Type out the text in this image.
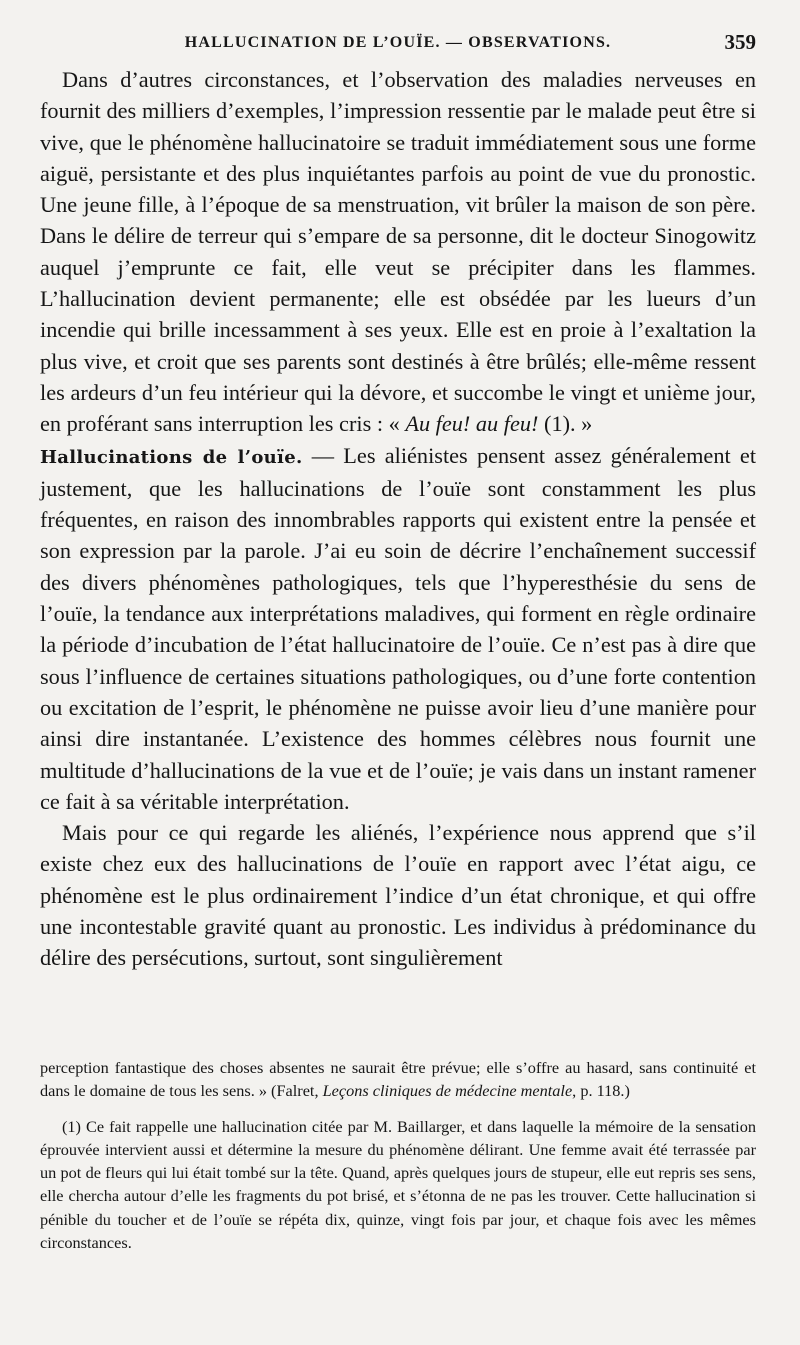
HALLUCINATION DE L’OUÏE. — OBSERVATIONS.	359

Dans d’autres circonstances, et l’observation des maladies nerveuses en fournit des milliers d’exemples, l’impression ressentie par le malade peut être si vive, que le phénomène hallucinatoire se traduit immédiatement sous une forme aiguë, persistante et des plus inquiétantes parfois au point de vue du pronostic. Une jeune fille, à l’époque de sa menstruation, vit brûler la maison de son père. Dans le délire de terreur qui s’empare de sa personne, dit le docteur Sinogowitz auquel j’emprunte ce fait, elle veut se précipiter dans les flammes. L’hallucination devient permanente; elle est obsédée par les lueurs d’un incendie qui brille incessamment à ses yeux. Elle est en proie à l’exaltation la plus vive, et croit que ses parents sont destinés à être brûlés; elle-même ressent les ardeurs d’un feu intérieur qui la dévore, et succombe le vingt et unième jour, en proférant sans interruption les cris : « Au feu! au feu! (1). »

Hallucinations de l’ouïe. — Les aliénistes pensent assez généralement et justement, que les hallucinations de l’ouïe sont constamment les plus fréquentes, en raison des innombrables rapports qui existent entre la pensée et son expression par la parole. J’ai eu soin de décrire l’enchaînement successif des divers phénomènes pathologiques, tels que l’hyperesthésie du sens de l’ouïe, la tendance aux interprétations maladives, qui forment en règle ordinaire la période d’incubation de l’état hallucinatoire de l’ouïe. Ce n’est pas à dire que sous l’influence de certaines situations pathologiques, ou d’une forte contention ou excitation de l’esprit, le phénomène ne puisse avoir lieu d’une manière pour ainsi dire instantanée. L’existence des hommes célèbres nous fournit une multitude d’hallucinations de la vue et de l’ouïe; je vais dans un instant ramener ce fait à sa véritable interprétation.

Mais pour ce qui regarde les aliénés, l’expérience nous apprend que s’il existe chez eux des hallucinations de l’ouïe en rapport avec l’état aigu, ce phénomène est le plus ordinairement l’indice d’un état chronique, et qui offre une incontestable gravité quant au pronostic. Les individus à prédominance du délire des persécutions, surtout, sont singulièrement

perception fantastique des choses absentes ne saurait être prévue; elle s’offre au hasard, sans continuité et dans le domaine de tous les sens. » (Falret, Leçons cliniques de médecine mentale, p. 118.)

(1) Ce fait rappelle une hallucination citée par M. Baillarger, et dans laquelle la mémoire de la sensation éprouvée intervient aussi et détermine la mesure du phénomène délirant. Une femme avait été terrassée par un pot de fleurs qui lui était tombé sur la tête. Quand, après quelques jours de stupeur, elle eut repris ses sens, elle chercha autour d’elle les fragments du pot brisé, et s’étonna de ne pas les trouver. Cette hallucination si pénible du toucher et de l’ouïe se répéta dix, quinze, vingt fois par jour, et chaque fois avec les mêmes circonstances.
